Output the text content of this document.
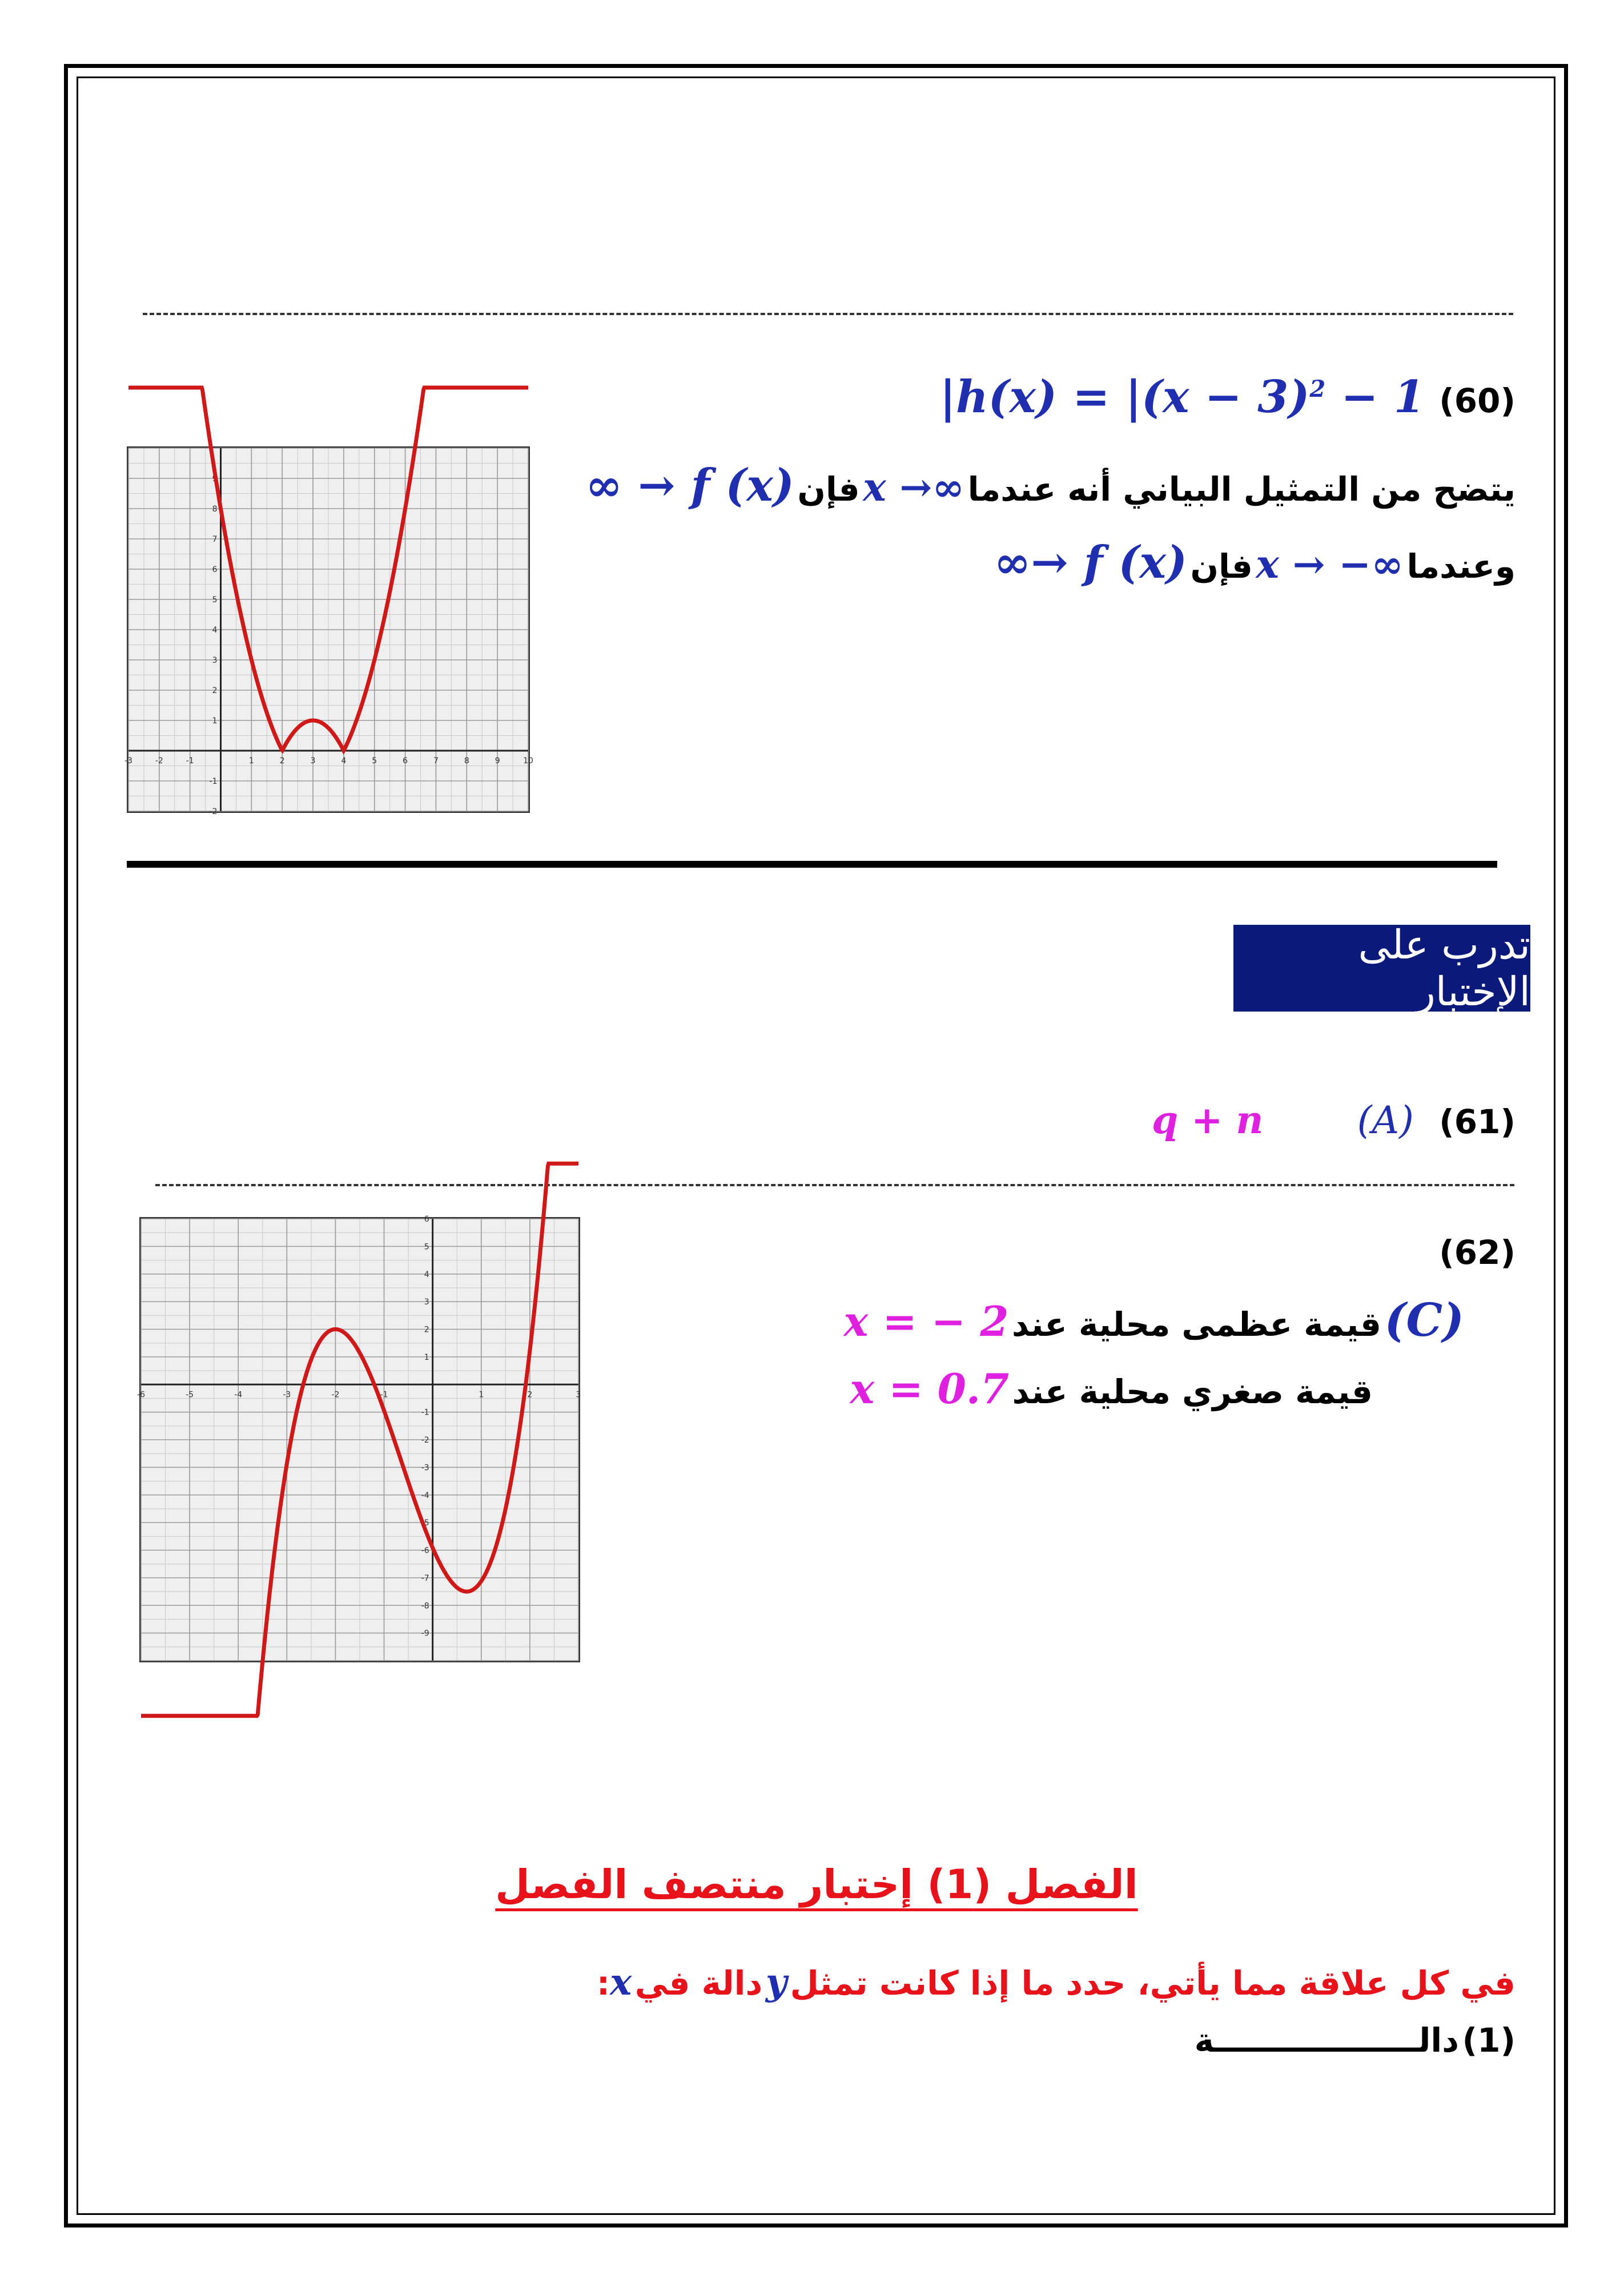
(60) $h(x) = |(x - 3)^2 - 1|$
يتضح من التمثيل البياني أنه عندما ∞→ x فإن f (x) → ∞
وعندما ∞− → x فإن f (x) →∞
-3	-2	-1	1	2	3	4	5	6	7	8	9	10
-2
-1
1
2
3
4
5
6
7
8
9
تدرب على الإختبار
(61) (A) q + n
(62)
(C) قيمة عظمى محلية عند x = − 2
قيمة صغري محلية عند x = 0.7
-6	-5	-4	-3	-2	-1	1	2	3
-9
-8
-7
-6
-5
-4
-3
-2
-1
1
2
3
4
5
6
الفصل (1) إختبار منتصف الفصل
في كل علاقة مما يأتي، حدد ما إذا كانت تمثل y دالة في x:
(1) دالــــــــــــــــــة
